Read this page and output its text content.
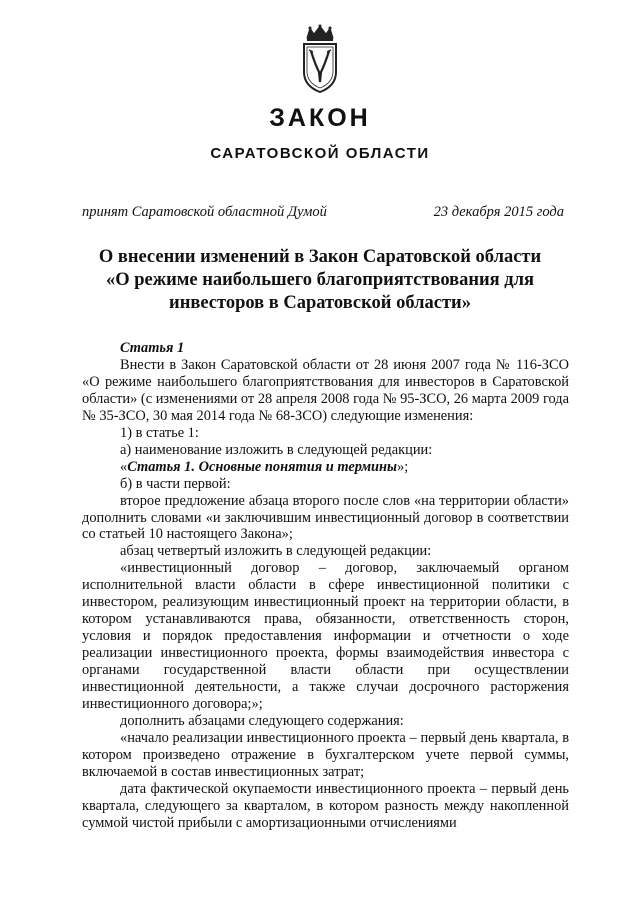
ЗАКОН
САРАТОВСКОЙ ОБЛАСТИ
принят Саратовской областной Думой	23 декабря 2015 года
О внесении изменений в Закон Саратовской области
«О режиме наибольшего благоприятствования для
инвесторов в Саратовской области»

Статья 1

Внести в Закон Саратовской области от 28 июня 2007 года № 116-ЗСО «О режиме наибольшего благоприятствования для инвесторов в Саратовской области» (с изменениями от 28 апреля 2008 года № 95-ЗСО, 26 марта 2009 года № 35-ЗСО, 30 мая 2014 года № 68-ЗСО) следующие изменения:

1) в статье 1:

а) наименование изложить в следующей редакции:

«Статья 1. Основные понятия и термины»;

б) в части первой:

второе предложение абзаца второго после слов «на территории области» дополнить словами «и заключившим инвестиционный договор в соответствии со статьей 10 настоящего Закона»;

абзац четвертый изложить в следующей редакции:

«инвестиционный договор – договор, заключаемый органом исполнительной власти области в сфере инвестиционной политики с инвестором, реализующим инвестиционный проект на территории области, в котором устанавливаются права, обязанности, ответственность сторон, условия и порядок предоставления информации и отчетности о ходе реализации инвестиционного проекта, формы взаимодействия инвестора с органами государственной власти области при осуществлении инвестиционной деятельности, а также случаи досрочного расторжения инвестиционного договора;»;

дополнить абзацами следующего содержания:

«начало реализации инвестиционного проекта – первый день квартала, в котором произведено отражение в бухгалтерском учете первой суммы, включаемой в состав инвестиционных затрат;

дата фактической окупаемости инвестиционного проекта – первый день квартала, следующего за кварталом, в котором разность между накопленной суммой чистой прибыли с амортизационными отчислениями
